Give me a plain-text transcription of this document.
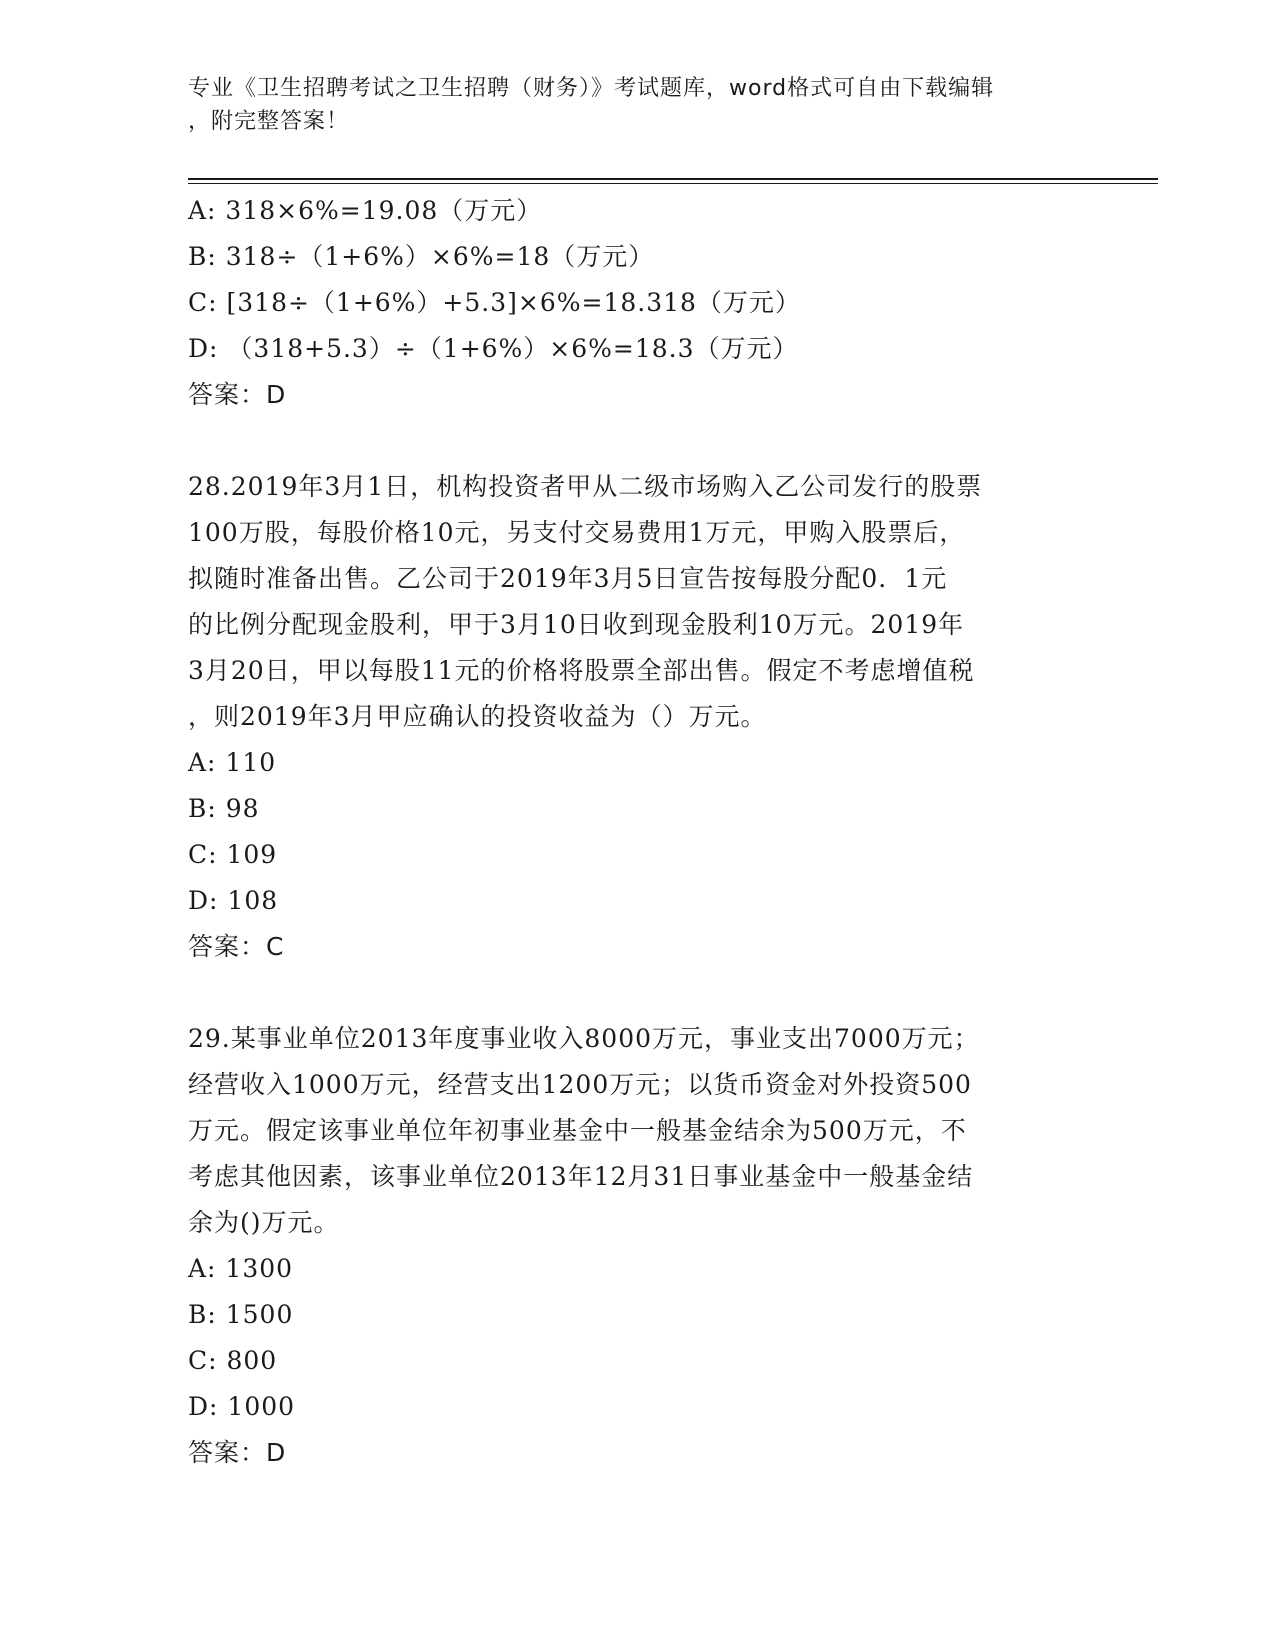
专业《卫生招聘考试之卫生招聘（财务）》考试题库，word格式可自由下载编辑
，附完整答案！
A: 318×6%=19.08（万元）
B: 318÷（1+6%）×6%=18（万元）
C: [318÷（1+6%）+5.3]×6%=18.318（万元）
D: （318+5.3）÷（1+6%）×6%=18.3（万元）
答案：D
28.2019年3月1日，机构投资者甲从二级市场购入乙公司发行的股票
100万股，每股价格10元，另支付交易费用1万元，甲购入股票后，
拟随时准备出售。乙公司于2019年3月5日宣告按每股分配0．1元
的比例分配现金股利，甲于3月10日收到现金股利10万元。2019年
3月20日，甲以每股11元的价格将股票全部出售。假定不考虑增值税
，则2019年3月甲应确认的投资收益为（）万元。
A: 110
B: 98
C: 109
D: 108
答案：C
29.某事业单位2013年度事业收入8000万元，事业支出7000万元；
经营收入1000万元，经营支出1200万元；以货币资金对外投资500
万元。假定该事业单位年初事业基金中一般基金结余为500万元，不
考虑其他因素，该事业单位2013年12月31日事业基金中一般基金结
余为()万元。
A: 1300
B: 1500
C: 800
D: 1000
答案：D
